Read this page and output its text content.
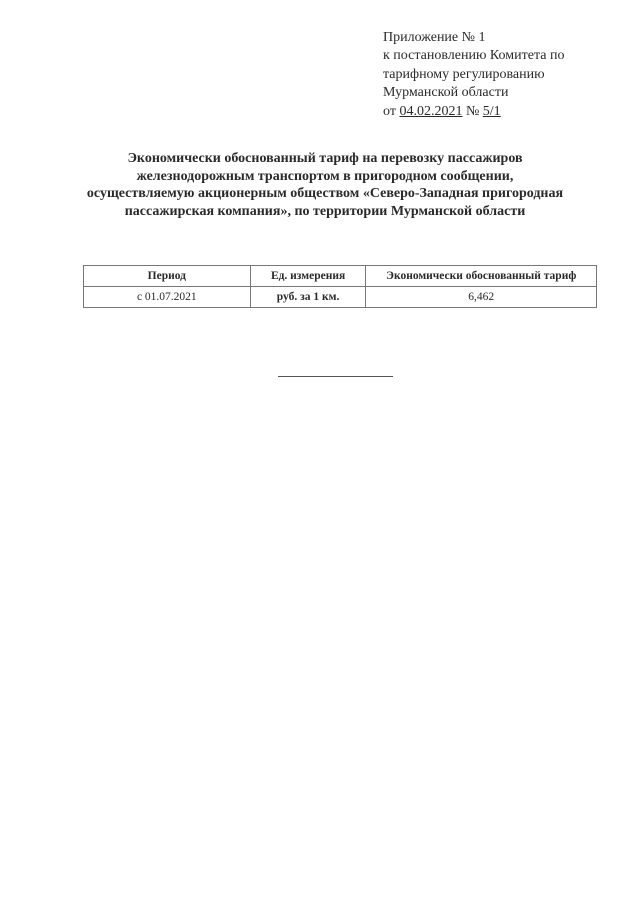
Приложение № 1
к постановлению Комитета по
тарифному регулированию
Мурманской области
от 04.02.2021 № 5/1
Экономически обоснованный тариф на перевозку пассажиров
железнодорожным транспортом в пригородном сообщении,
осуществляемую акционерным обществом «Северо-Западная пригородная
пассажирская компания», по территории Мурманской области
Период	Ед. измерения	Экономически обоснованный тариф
с 01.07.2021	руб. за 1 км.	6,462
